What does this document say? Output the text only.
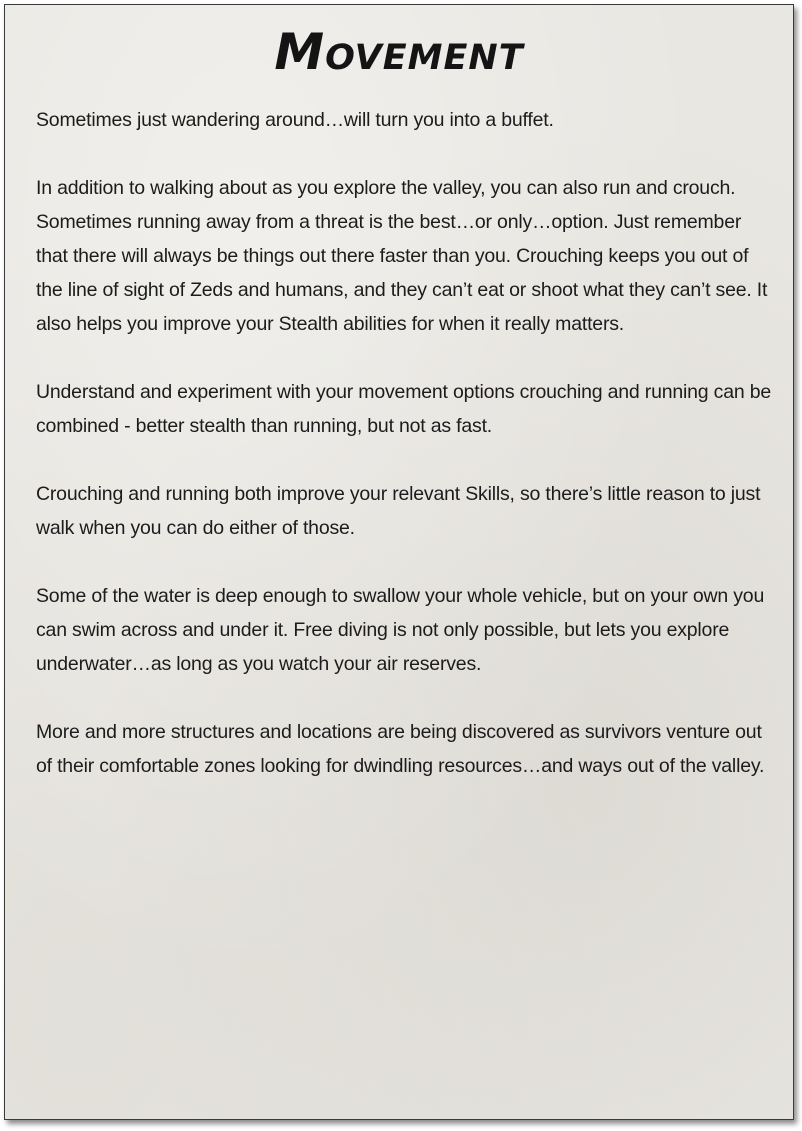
Movement

Sometimes just wandering around…will turn you into a buffet.

In addition to walking about as you explore the valley, you can also run and crouch. Sometimes running away from a threat is the best…or only…option. Just remember that there will always be things out there faster than you. Crouching keeps you out of the line of sight of Zeds and humans, and they can’t eat or shoot what they can’t see. It also helps you improve your Stealth abilities for when it really matters.

Understand and experiment with your movement options crouching and running can be combined - better stealth than running, but not as fast.

Crouching and running both improve your relevant Skills, so there’s little reason to just walk when you can do either of those.

Some of the water is deep enough to swallow your whole vehicle, but on your own you can swim across and under it. Free diving is not only possible, but lets you explore underwater…as long as you watch your air reserves.

More and more structures and locations are being discovered as survivors venture out of their comfortable zones looking for dwindling resources…and ways out of the valley.
